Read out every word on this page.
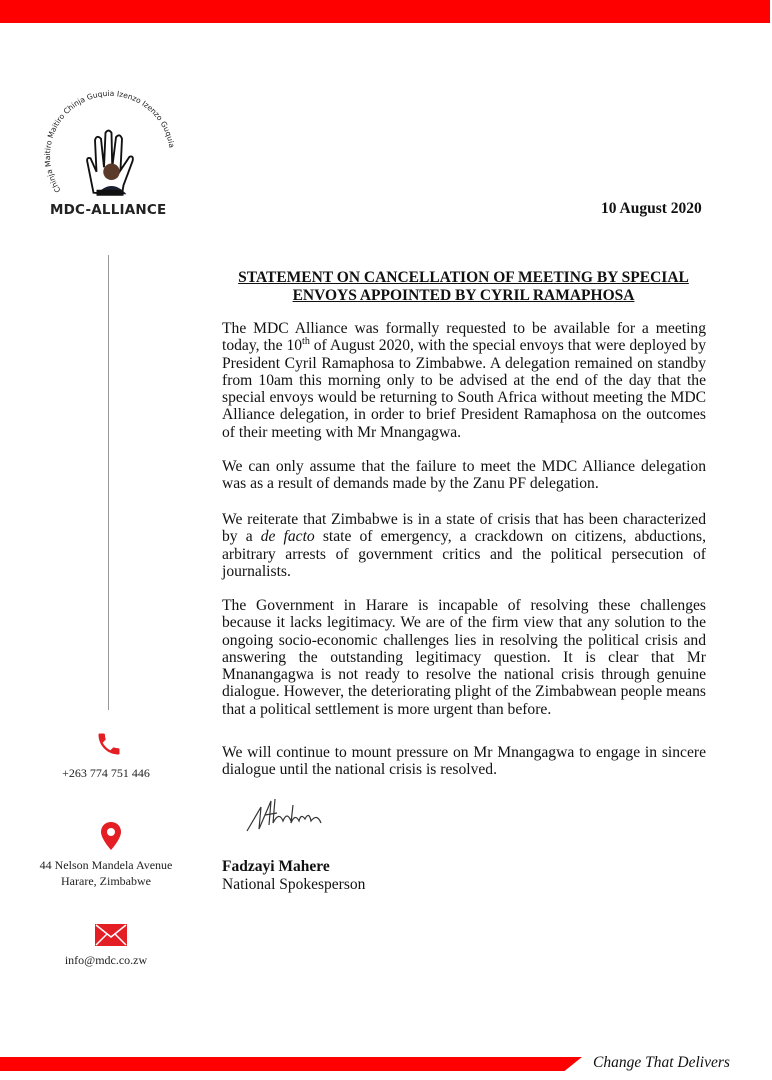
Chinja Maitiro Maitiro Chinja Guquia Izenzo Izenzo Guquia
MDC-ALLIANCE	10 August 2020
STATEMENT ON CANCELLATION OF MEETING BY SPECIAL
ENVOYS APPOINTED BY CYRIL RAMAPHOSA
The MDC Alliance was formally requested to be available for a meeting today, the 10th of August 2020, with the special envoys that were deployed by President Cyril Ramaphosa to Zimbabwe. A delegation remained on standby from 10am this morning only to be advised at the end of the day that the special envoys would be returning to South Africa without meeting the MDC Alliance delegation, in order to brief President Ramaphosa on the outcomes of their meeting with Mr Mnangagwa.
We can only assume that the failure to meet the MDC Alliance delegation was as a result of demands made by the Zanu PF delegation.
We reiterate that Zimbabwe is in a state of crisis that has been characterized by a de facto state of emergency, a crackdown on citizens, abductions, arbitrary arrests of government critics and the political persecution of journalists.
The Government in Harare is incapable of resolving these challenges because it lacks legitimacy. We are of the firm view that any solution to the ongoing socio-economic challenges lies in resolving the political crisis and answering the outstanding legitimacy question. It is clear that Mr Mnanangagwa is not ready to resolve the national crisis through genuine dialogue. However, the deteriorating plight of the Zimbabwean people means that a political settlement is more urgent than before.
We will continue to mount pressure on Mr Mnangagwa to engage in sincere dialogue until the national crisis is resolved.
Fadzayi Mahere
National Spokesperson
+263 774 751 446
44 Nelson Mandela Avenue
Harare, Zimbabwe
info@mdc.co.zw
Change That Delivers
